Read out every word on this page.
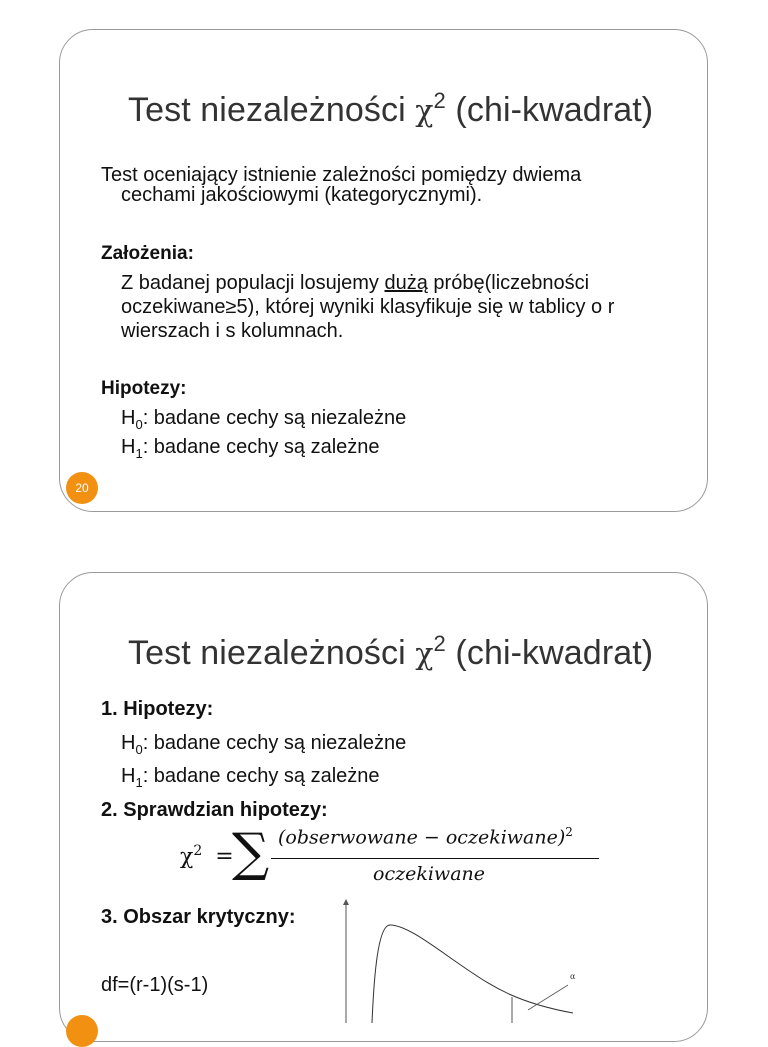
Test niezależności $\chi^2$ (chi-kwadrat)
Test oceniający istnienie zależności pomiędzy dwiema
cechami jakościowymi (kategorycznymi).
Założenia:
Z badanej populacji losujemy dużą próbę(liczebności
oczekiwane≥5), której wyniki klasyfikuje się w tablicy o r
wierszach i s kolumnach.
Hipotezy:
$H_0$: badane cechy są niezależne
$H_1$: badane cechy są zależne
20
Test niezależności $\chi^2$ (chi-kwadrat)
1. Hipotezy:
$H_0$: badane cechy są niezależne
$H_1$: badane cechy są zależne
2. Sprawdzian hipotezy:
$\chi^2$ =
∑ (obserwowane − oczekiwane)$^2$
oczekiwane
3. Obszar krytyczny:
df=(r-1)(s-1)	α
